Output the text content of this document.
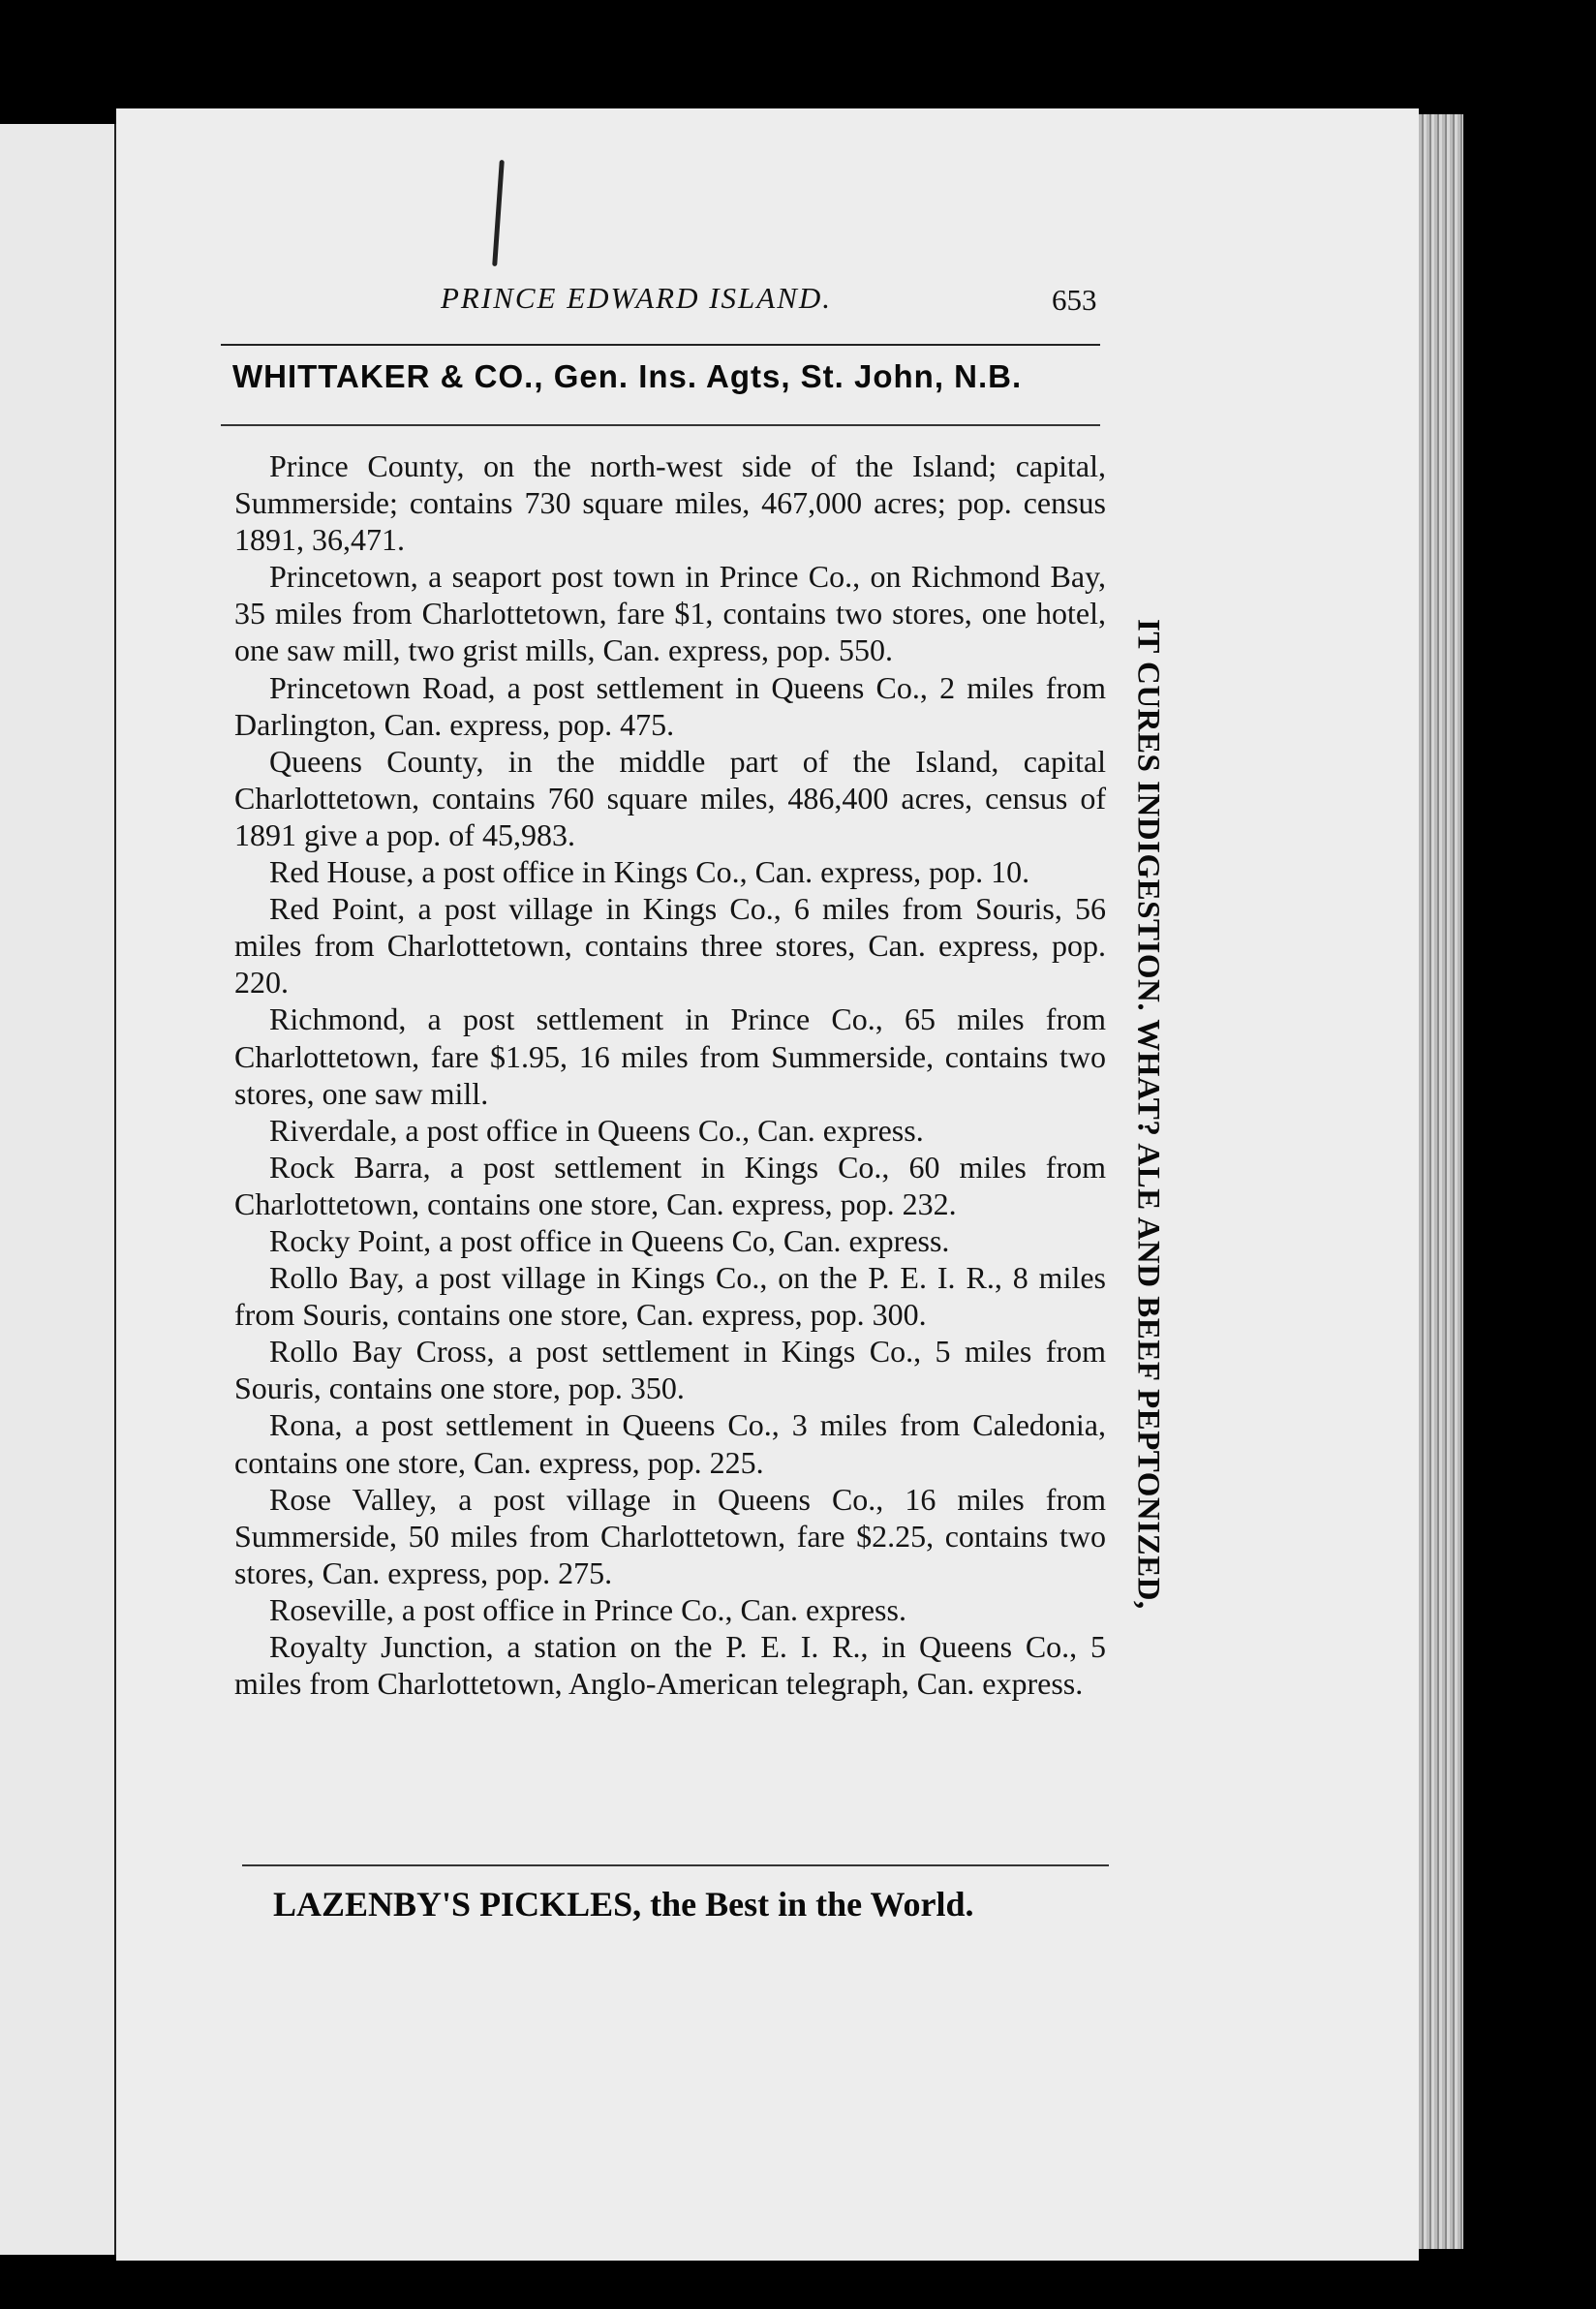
PRINCE EDWARD ISLAND.	653
WHITTAKER & CO., Gen. Ins. Agts, St. John, N.B.

Prince County, on the north-west side of the Island; capital, Summerside; contains 730 square miles, 467,000 acres; pop. census 1891, 36,471.

Princetown, a seaport post town in Prince Co., on Richmond Bay, 35 miles from Charlottetown, fare $1, contains two stores, one hotel, one saw mill, two grist mills, Can. express, pop. 550.

Princetown Road, a post settlement in Queens Co., 2 miles from Darlington, Can. express, pop. 475.

Queens County, in the middle part of the Island, capital Charlottetown, contains 760 square miles, 486,400 acres, census of 1891 give a pop. of 45,983.

Red House, a post office in Kings Co., Can. express, pop. 10.

Red Point, a post village in Kings Co., 6 miles from Souris, 56 miles from Charlottetown, contains three stores, Can. express, pop. 220.

Richmond, a post settlement in Prince Co., 65 miles from Charlottetown, fare $1.95, 16 miles from Summerside, contains two stores, one saw mill.

Riverdale, a post office in Queens Co., Can. express.

Rock Barra, a post settlement in Kings Co., 60 miles from Charlottetown, contains one store, Can. express, pop. 232.

Rocky Point, a post office in Queens Co, Can. express.

Rollo Bay, a post village in Kings Co., on the P. E. I. R., 8 miles from Souris, contains one store, Can. express, pop. 300.

Rollo Bay Cross, a post settlement in Kings Co., 5 miles from Souris, contains one store, pop. 350.

Rona, a post settlement in Queens Co., 3 miles from Caledonia, contains one store, Can. express, pop. 225.

Rose Valley, a post village in Queens Co., 16 miles from Summerside, 50 miles from Charlottetown, fare $2.25, contains two stores, Can. express, pop. 275.

Roseville, a post office in Prince Co., Can. express.

Royalty Junction, a station on the P. E. I. R., in Queens Co., 5 miles from Charlottetown, Anglo-American telegraph, Can. express.

IT CURES INDIGESTION. WHAT? ALE AND BEEF PEPTONIZED,
LAZENBY'S PICKLES, the Best in the World.
